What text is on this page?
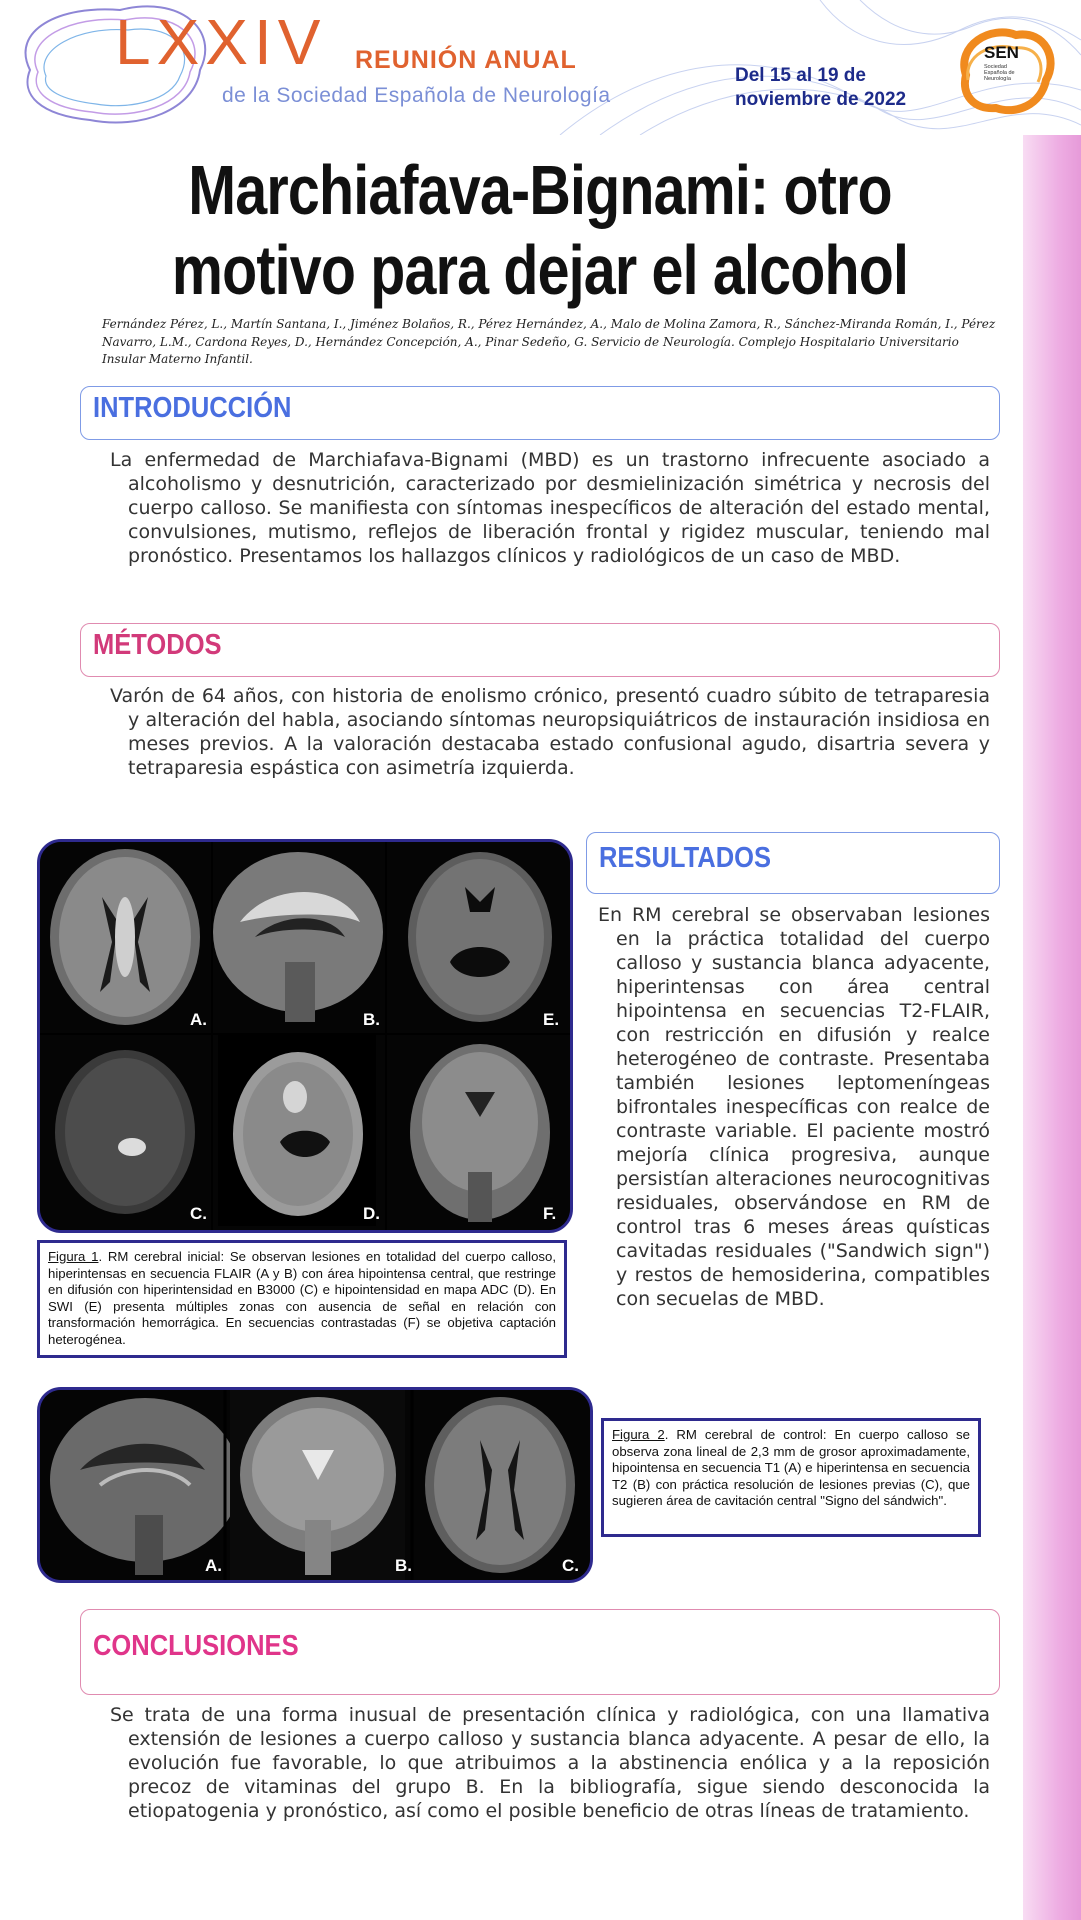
LXXIV REUNIÓN ANUAL
de la Sociedad Española de Neurología
Del 15 al 19 de
noviembre de 2022
SEN
Sociedad Española de Neurología
Marchiafava-Bignami: otro
motivo para dejar el alcohol
Fernández Pérez, L., Martín Santana, I., Jiménez Bolaños, R., Pérez Hernández, A., Malo de Molina Zamora, R., Sánchez-Miranda Román, I., Pérez Navarro, L.M., Cardona Reyes, D., Hernández Concepción, A., Pinar Sedeño, G. Servicio de Neurología. Complejo Hospitalario Universitario Insular Materno Infantil.
INTRODUCCIÓN
La enfermedad de Marchiafava-Bignami (MBD) es un trastorno infrecuente asociado a alcoholismo y desnutrición, caracterizado por desmielinización simétrica y necrosis del cuerpo calloso. Se manifiesta con síntomas inespecíficos de alteración del estado mental, convulsiones, mutismo, reflejos de liberación frontal y rigidez muscular, teniendo mal pronóstico. Presentamos los hallazgos clínicos y radiológicos de un caso de MBD.
MÉTODOS
Varón de 64 años, con historia de enolismo crónico, presentó cuadro súbito de tetraparesia y alteración del habla, asociando síntomas neuropsiquiátricos de instauración insidiosa en meses previos. A la valoración destacaba estado confusional agudo, disartria severa y tetraparesia espástica con asimetría izquierda.
A.	B.	E.
C.	D.	F.
Figura 1. RM cerebral inicial: Se observan lesiones en totalidad del cuerpo calloso, hiperintensas en secuencia FLAIR (A y B) con área hipointensa central, que restringe en difusión con hiperintensidad en B3000 (C) e hipointensidad en mapa ADC (D). En SWI (E) presenta múltiples zonas con ausencia de señal en relación con transformación hemorrágica. En secuencias contrastadas (F) se objetiva captación heterogénea.
RESULTADOS
En RM cerebral se observaban lesiones en la práctica totalidad del cuerpo calloso y sustancia blanca adyacente, hiperintensas con área central hipointensa en secuencias T2-FLAIR, con restricción en difusión y realce heterogéneo de contraste. Presentaba también lesiones leptomeníngeas bifrontales inespecíficas con realce de contraste variable. El paciente mostró mejoría clínica progresiva, aunque persistían alteraciones neurocognitivas residuales, observándose en RM de control tras 6 meses áreas quísticas cavitadas residuales ("Sandwich sign") y restos de hemosiderina, compatibles con secuelas de MBD.
A.	B.	C.
Figura 2. RM cerebral de control: En cuerpo calloso se observa zona lineal de 2,3 mm de grosor aproximadamente, hipointensa en secuencia T1 (A) e hiperintensa en secuencia T2 (B) con práctica resolución de lesiones previas (C), que sugieren área de cavitación central "Signo del sándwich".
CONCLUSIONES
Se trata de una forma inusual de presentación clínica y radiológica, con una llamativa extensión de lesiones a cuerpo calloso y sustancia blanca adyacente. A pesar de ello, la evolución fue favorable, lo que atribuimos a la abstinencia enólica y a la reposición precoz de vitaminas del grupo B. En la bibliografía, sigue siendo desconocida la etiopatogenia y pronóstico, así como el posible beneficio de otras líneas de tratamiento.
